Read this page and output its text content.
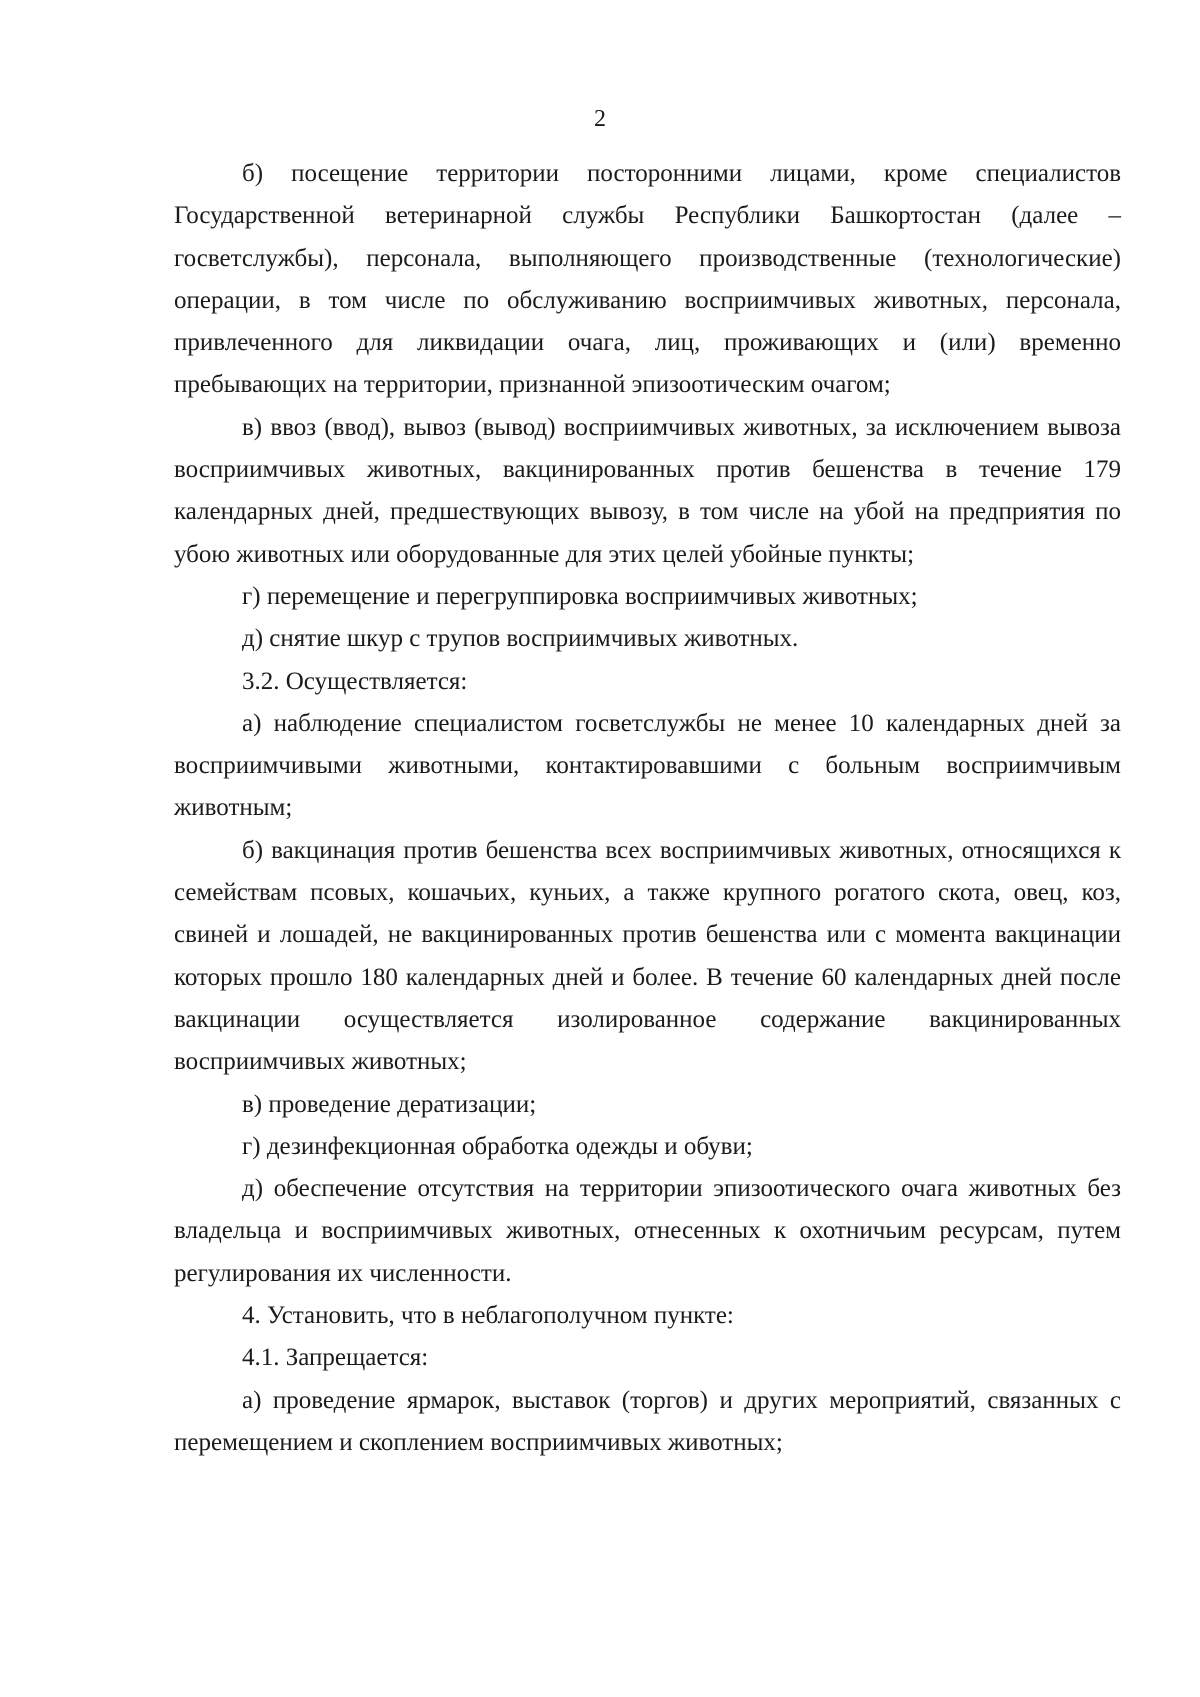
2

б) посещение территории посторонними лицами, кроме специалистов Государственной ветеринарной службы Республики Башкортостан (далее – госветслужбы), персонала, выполняющего производственные (технологические) операции, в том числе по обслуживанию восприимчивых животных, персонала, привлеченного для ликвидации очага, лиц, проживающих и (или) временно пребывающих на территории, признанной эпизоотическим очагом;

в) ввоз (ввод), вывоз (вывод) восприимчивых животных, за исключением вывоза восприимчивых животных, вакцинированных против бешенства в течение 179 календарных дней, предшествующих вывозу, в том числе на убой на предприятия по убою животных или оборудованные для этих целей убойные пункты;

г) перемещение и перегруппировка восприимчивых животных;

д) снятие шкур с трупов восприимчивых животных.

3.2. Осуществляется:

а) наблюдение специалистом госветслужбы не менее 10 календарных дней за восприимчивыми животными, контактировавшими с больным восприимчивым животным;

б) вакцинация против бешенства всех восприимчивых животных, относящихся к семействам псовых, кошачьих, куньих, а также крупного рогатого скота, овец, коз, свиней и лошадей, не вакцинированных против бешенства или с момента вакцинации которых прошло 180 календарных дней и более. В течение 60 календарных дней после вакцинации осуществляется изолированное содержание вакцинированных восприимчивых животных;

в) проведение дератизации;

г) дезинфекционная обработка одежды и обуви;

д) обеспечение отсутствия на территории эпизоотического очага животных без владельца и восприимчивых животных, отнесенных к охотничьим ресурсам, путем регулирования их численности.

4. Установить, что в неблагополучном пункте:

4.1. Запрещается:

а) проведение ярмарок, выставок (торгов) и других мероприятий, связанных с перемещением и скоплением восприимчивых животных;
